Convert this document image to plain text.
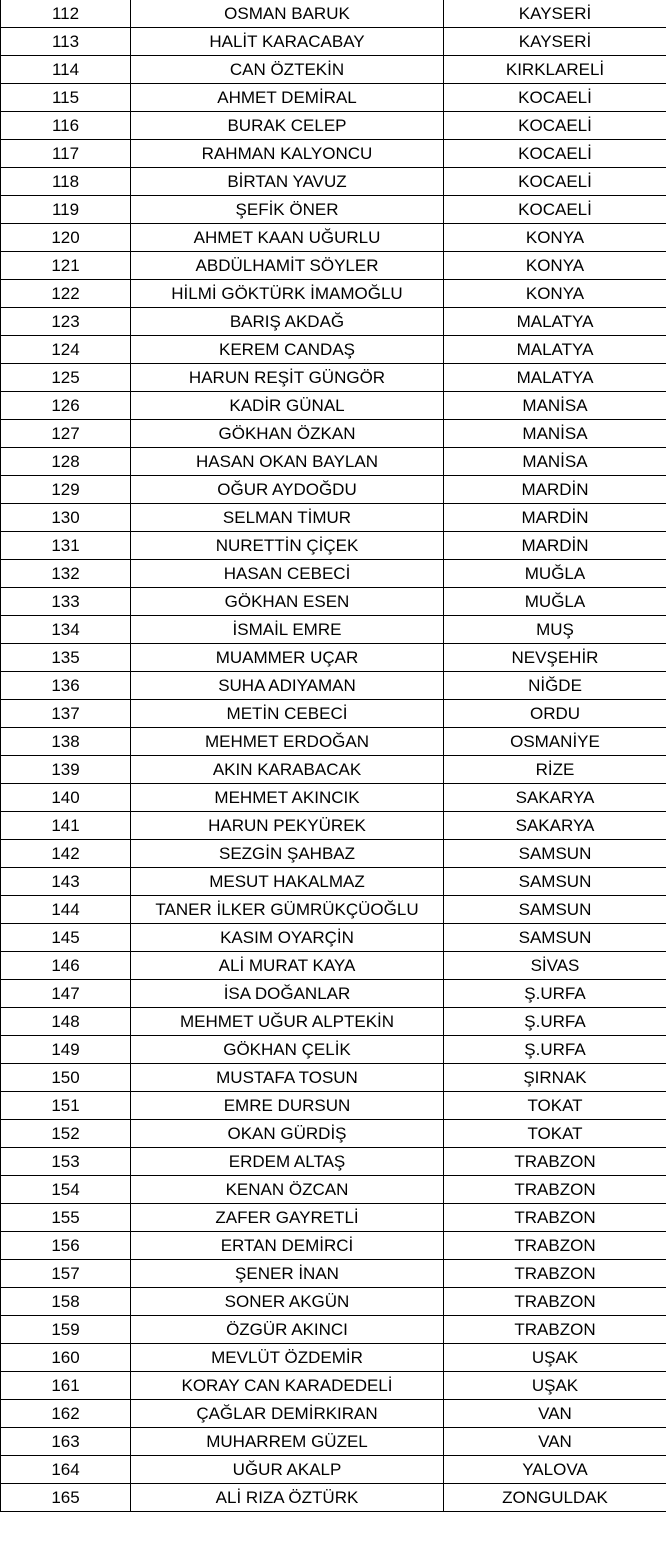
112	OSMAN BARUK	KAYSERİ
113	HALİT KARACABAY	KAYSERİ
114	CAN ÖZTEKİN	KIRKLARELİ
115	AHMET DEMİRAL	KOCAELİ
116	BURAK CELEP	KOCAELİ
117	RAHMAN KALYONCU	KOCAELİ
118	BİRTAN YAVUZ	KOCAELİ
119	ŞEFİK ÖNER	KOCAELİ
120	AHMET KAAN UĞURLU	KONYA
121	ABDÜLHAMİT SÖYLER	KONYA
122	HİLMİ GÖKTÜRK İMAMOĞLU	KONYA
123	BARIŞ AKDAĞ	MALATYA
124	KEREM CANDAŞ	MALATYA
125	HARUN REŞİT GÜNGÖR	MALATYA
126	KADİR GÜNAL	MANİSA
127	GÖKHAN ÖZKAN	MANİSA
128	HASAN OKAN BAYLAN	MANİSA
129	OĞUR AYDOĞDU	MARDİN
130	SELMAN TİMUR	MARDİN
131	NURETTİN ÇİÇEK	MARDİN
132	HASAN CEBECİ	MUĞLA
133	GÖKHAN ESEN	MUĞLA
134	İSMAİL EMRE	MUŞ
135	MUAMMER UÇAR	NEVŞEHİR
136	SUHA ADIYAMAN	NİĞDE
137	METİN CEBECİ	ORDU
138	MEHMET ERDOĞAN	OSMANİYE
139	AKIN KARABACAK	RİZE
140	MEHMET AKINCIK	SAKARYA
141	HARUN PEKYÜREK	SAKARYA
142	SEZGİN ŞAHBAZ	SAMSUN
143	MESUT HAKALMAZ	SAMSUN
144	TANER İLKER GÜMRÜKÇÜOĞLU	SAMSUN
145	KASIM OYARÇİN	SAMSUN
146	ALİ MURAT KAYA	SİVAS
147	İSA DOĞANLAR	Ş.URFA
148	MEHMET UĞUR ALPTEKİN	Ş.URFA
149	GÖKHAN ÇELİK	Ş.URFA
150	MUSTAFA TOSUN	ŞIRNAK
151	EMRE DURSUN	TOKAT
152	OKAN GÜRDİŞ	TOKAT
153	ERDEM ALTAŞ	TRABZON
154	KENAN ÖZCAN	TRABZON
155	ZAFER GAYRETLİ	TRABZON
156	ERTAN DEMİRCİ	TRABZON
157	ŞENER İNAN	TRABZON
158	SONER AKGÜN	TRABZON
159	ÖZGÜR AKINCI	TRABZON
160	MEVLÜT ÖZDEMİR	UŞAK
161	KORAY CAN KARADEDELİ	UŞAK
162	ÇAĞLAR DEMİRKIRAN	VAN
163	MUHARREM GÜZEL	VAN
164	UĞUR AKALP	YALOVA
165	ALİ RIZA ÖZTÜRK	ZONGULDAK
